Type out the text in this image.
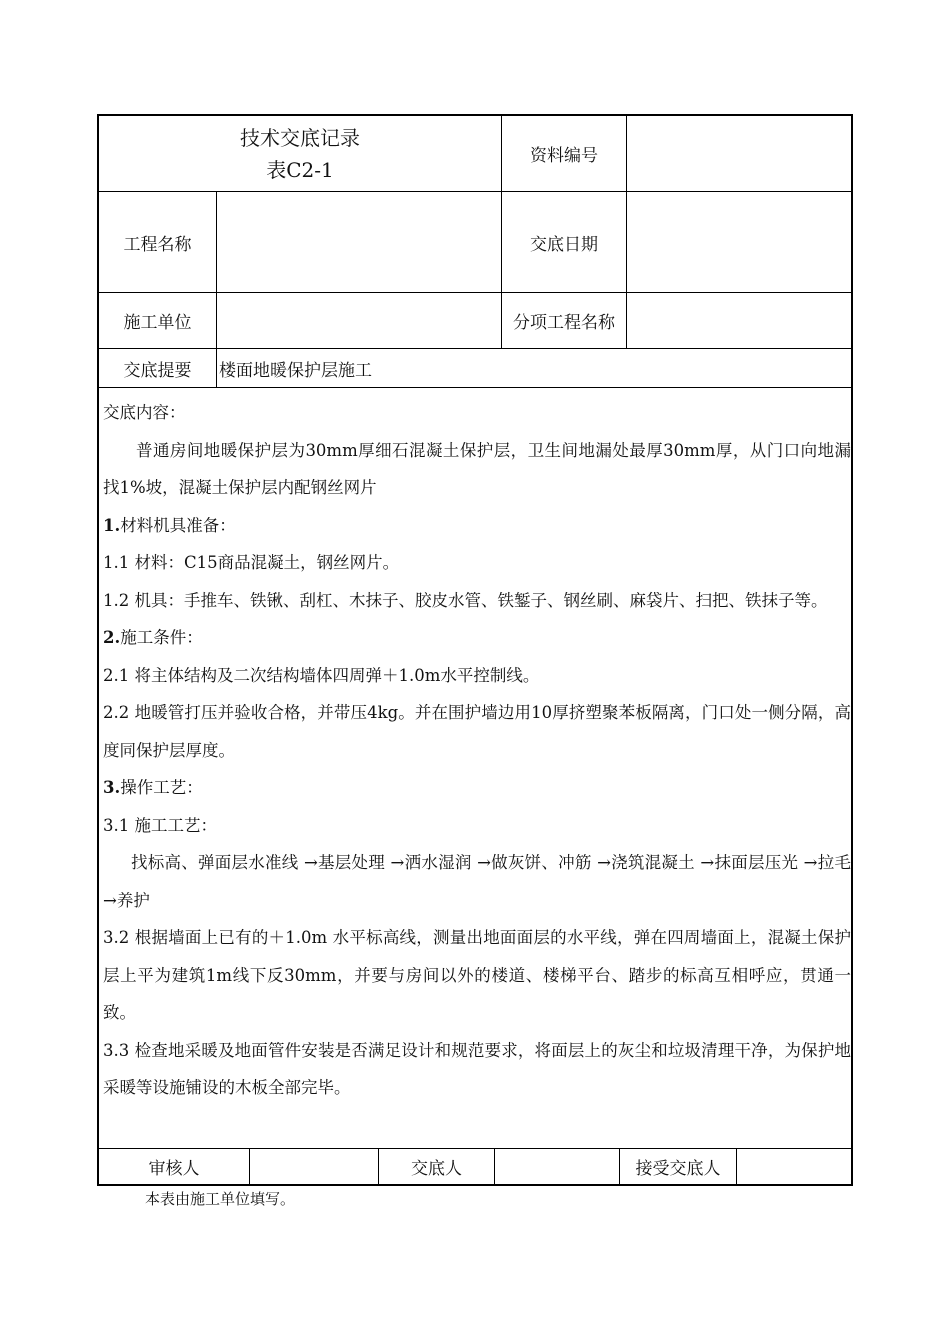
技术交底记录
表C2-1
资料编号
工程名称	交底日期
施工单位	分项工程名称
交底提要	楼面地暖保护层施工

交底内容：

普通房间地暖保护层为30mm厚细石混凝土保护层，卫生间地漏处最厚30mm厚，从门口向地漏找1%坡，混凝土保护层内配钢丝网片

1.材料机具准备：

1.1 材料：C15商品混凝土，钢丝网片。

1.2 机具：手推车、铁锹、刮杠、木抹子、胶皮水管、铁錾子、钢丝刷、麻袋片、扫把、铁抹子等。

2.施工条件：

2.1 将主体结构及二次结构墙体四周弹＋1.0m水平控制线。

2.2 地暖管打压并验收合格，并带压4kg。并在围护墙边用10厚挤塑聚苯板隔离，门口处一侧分隔，高度同保护层厚度。

3.操作工艺：

3.1 施工工艺：

找标高、弹面层水准线 →基层处理 →洒水湿润 →做灰饼、冲筋 →浇筑混凝土 →抹面层压光 →拉毛 →养护

3.2 根据墙面上已有的＋1.0m 水平标高线，测量出地面面层的水平线，弹在四周墙面上，混凝土保护层上平为建筑1m线下反30mm，并要与房间以外的楼道、楼梯平台、踏步的标高互相呼应，贯通一致。

3.3 检查地采暖及地面管件安装是否满足设计和规范要求，将面层上的灰尘和垃圾清理干净，为保护地采暖等设施铺设的木板全部完毕。

审核人	交底人	接受交底人
本表由施工单位填写。
